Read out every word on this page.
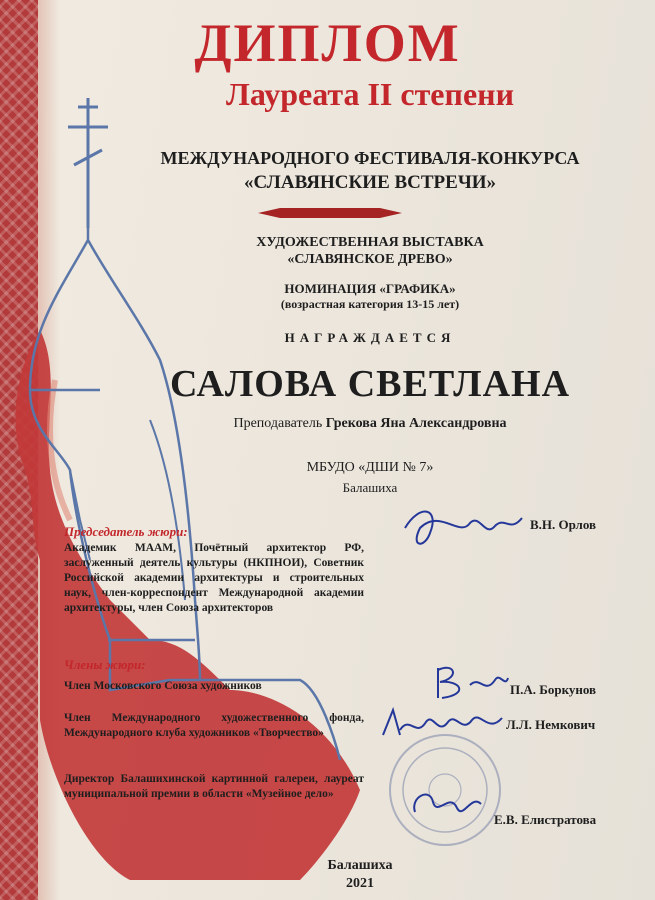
ДИПЛОМ
Лауреата II степени
МЕЖДУНАРОДНОГО ФЕСТИВАЛЯ-КОНКУРСА
«СЛАВЯНСКИЕ ВСТРЕЧИ»
ХУДОЖЕСТВЕННАЯ ВЫСТАВКА
«СЛАВЯНСКОЕ ДРЕВО»
НОМИНАЦИЯ «ГРАФИКА»
(возрастная категория 13-15 лет)
НАГРАЖДАЕТСЯ
САЛОВА СВЕТЛАНА
Преподаватель Грекова Яна Александровна
МБУДО «ДШИ № 7»
Балашиха
Председатель жюри:
Академик МААМ, Почётный архитектор РФ, заслуженный деятель культуры (НКПНОИ), Советник Российской академии архитектуры и строительных наук, член-корреспондент Международной академии архитектуры, член Союза архитекторов
Члены жюри:
Член Московского Союза художников
Член Международного художественного фонда, Международного клуба художников «Творчество»
Директор Балашихинской картинной галереи, лауреат муниципальной премии в области «Музейное дело»
В.Н. Орлов
П.А. Боркунов
Л.Л. Немкович
Е.В. Елистратова
Балашиха
2021
